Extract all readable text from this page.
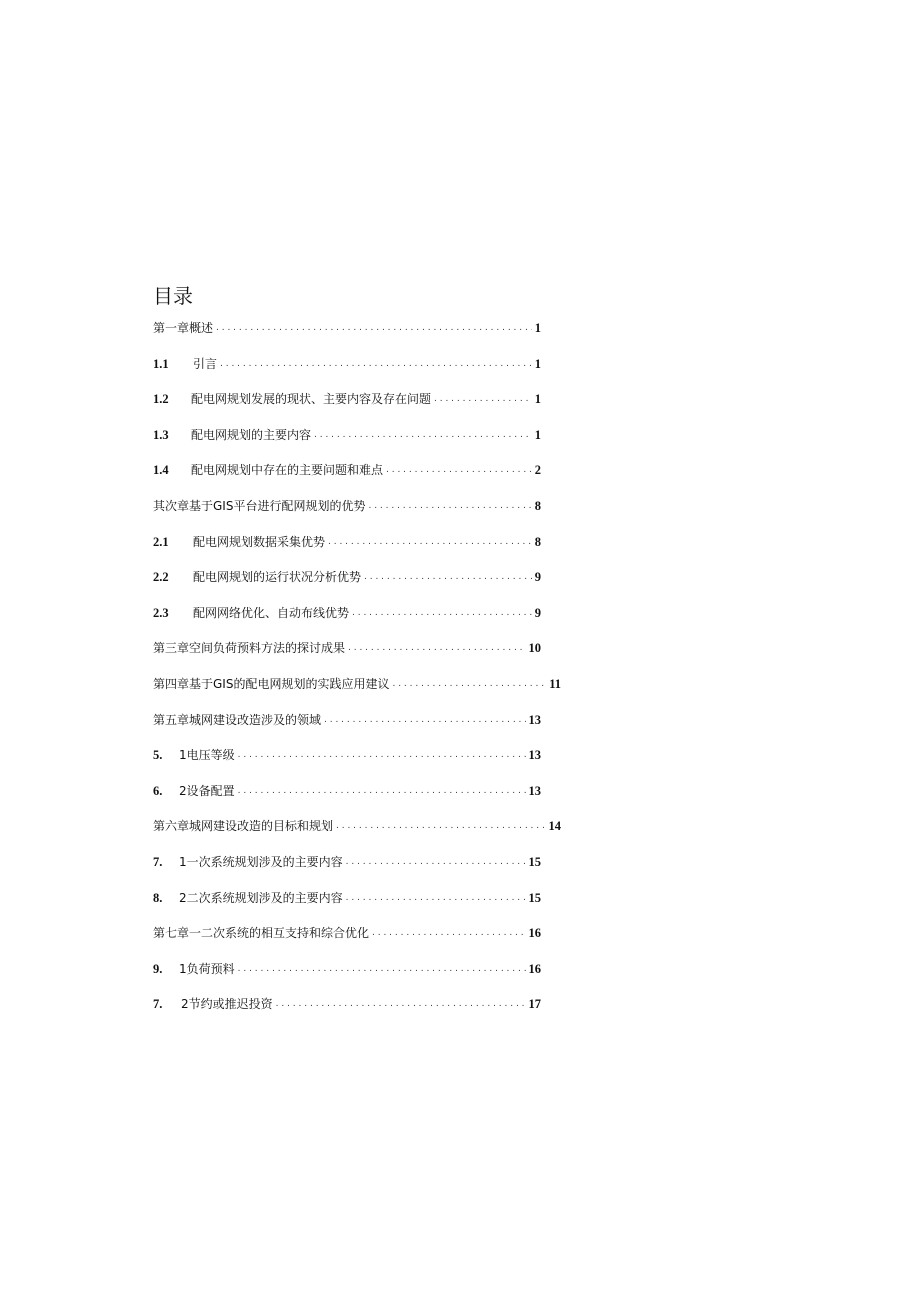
目录
第一章概述 . . .	1
1.1	引言 . . .	1
1.2	配电网规划发展的现状、主要内容及存在问题 . . .	1
1.3	配电网规划的主要内容 . . .	1
1.4	配电网规划中存在的主要问题和难点 . . .	2
其次章基于GIS平台进行配网规划的优势 . . .	8
2.1	配电网规划数据采集优势 . . .	8
2.2	配电网规划的运行状况分析优势 . . .	9
2.3	配网网络优化、自动布线优势 . . .	9
第三章空间负荷预料方法的探讨成果 . . .	10
第四章基于GIS的配电网规划的实践应用建议 . . .	11
第五章城网建设改造涉及的领域 . . .	13
5.	1电压等级 . . .	13
6.	2设备配置 . . .	13
第六章城网建设改造的目标和规划 . . .	14
7.	1一次系统规划涉及的主要内容 . . .	15
8.	2二次系统规划涉及的主要内容 . . .	15
第七章一二次系统的相互支持和综合优化 . . .	16
9.	1负荷预料 . . .	16
7.	2节约或推迟投资 . . .	17
